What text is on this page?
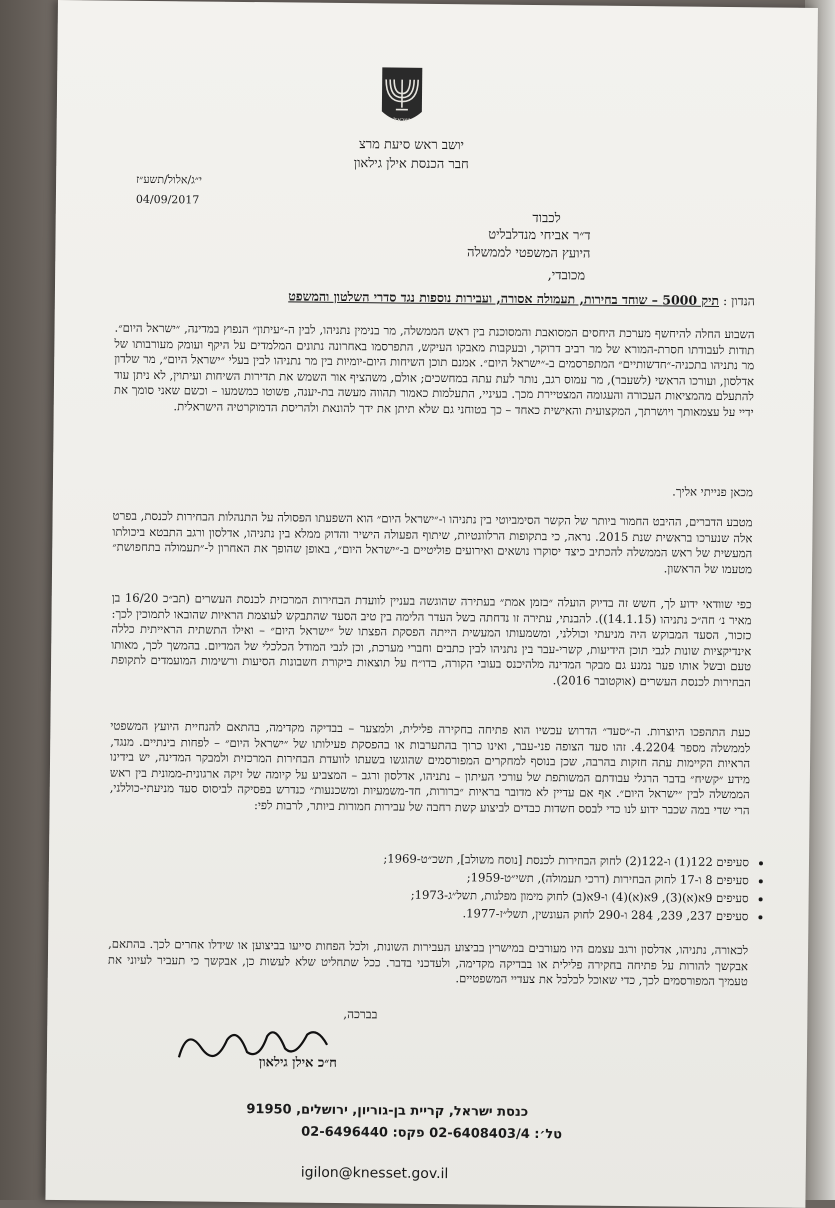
ישראל
יושב ראש סיעת מרצ
חבר הכנסת אילן גילאון
י״ג/אלול/תשע״ז
04/09/2017
לכבוד
ד״ר אביחי מנדלבליט
היועץ המשפטי לממשלה
מכובדי,
הנדון : תיק 5000 – שוחד בחירות, תעמולה אסורה, ועבירות נוספות נגד סדרי השלטון והמשפט

השבוע החלה להיחשף מערכת היחסים המסואבת והמסוכנת בין ראש הממשלה, מר בנימין נתניהו, לבין ה-״עיתון״ הנפוץ במדינה, ״ישראל היום״. תודות לעבודתו חסרת-המורא של מר רביב דרוקר, ובעקבות מאבקו העיקש, התפרסמו באחרונה נתונים המלמדים על היקף ועומק מעורבותו של מר נתניהו בתכניה-״חדשותיים״ המתפרסמים ב-״ישראל היום״. אמנם תוכן השיחות היום-יומיות בין מר נתניהו לבין בעלי ״ישראל היום״, מר שלדון אדלסון, ועורכו הראשי (לשעבר), מר עמוס רגב, נותר לעת עתה במחשכים; אולם, משהציף אור השמש את תדירות השיחות ועיתוין, לא ניתן עוד להתעלם מהמציאות העכורה והעגומה המצטיירת מכך. בעיניי, התעלמות כאמור תהווה מעשה בת-יענה, פשוטו כמשמעו – וכשם שאני סומך את ידיי על עצמאותך ויושרתך, המקצועית והאישית כאחד – כך בטוחני גם שלא תיתן את ידך להונאת ולהריסת הדמוקרטיה הישראלית.

מכאן פנייתי אליך.

מטבע הדברים, ההיבט החמור ביותר של הקשר הסימביוטי בין נתניהו ו-״ישראל היום״ הוא השפעתו הפסולה על התנהלות הבחירות לכנסת, בפרט אלה שנערכו בראשית שנת 2015. נראה, כי בתקופות הרלוונטיות, שיתוף הפעולה הישיר והדוק ממלא בין נתניהו, אדלסון ורגב התבטא ביכולתו המעשית של ראש הממשלה להכתיב כיצד יסוקרו נושאים ואירועים פוליטיים ב-״ישראל היום״, באופן שהופך את האחרון ל-״תעמולה בתחפושת״ מטעמו של הראשון.

כפי שוודאי ידוע לך, חשש זה בדיוק הועלה ״בזמן אמת״ בעתירה שהוגשה בעניין לוועדת הבחירות המרכזית לכנסת העשרים (תב״כ 16/20 בן מאיר נ׳ חה״כ נתניהו (14.1.15)). להבנתי, עתירה זו נדחתה בשל העדר הלימה בין טיב הסעד שהתבקש לעוצמת הראיות שהובאו לתמוכין לכך: כזכור, הסעד המבוקש היה מניעתי וכוללני, ומשמעותו המעשית הייתה הפסקת הפצתו של ״ישראל היום״ – ואילו התשתית הראייתית כללה אינדיקציות שונות לגבי תוכן הידיעות, קשרי-עבר בין נתניהו לבין כתבים וחברי מערכת, וכן לגבי המודל הכלכלי של המדיום. בהמשך לכך, מאותו טעם ובשל אותו פער נמנע גם מבקר המדינה מלהיכנס בעובי הקורה, בדו״ח על תוצאות ביקורת חשבונות הסיעות ורשימות המועמדים לתקופת הבחירות לכנסת העשרים (אוקטובר 2016).

כעת התהפכו היוצרות. ה-״סעד״ הדרוש עכשיו הוא פתיחה בחקירה פלילית, ולמצער – בבדיקה מקדימה, בהתאם להנחיית היועץ המשפטי לממשלה מספר 4.2204. זהו סעד הצופה פני-עבר, ואינו כרוך בהתערבות או בהפסקת פעילותו של ״ישראל היום״ – לפחות בינתיים. מנגד, הראיות הקיימות עתה חזקות בהרבה, שכן בנוסף למחקרים המפורסמים שהוגשו בשעתו לוועדת הבחירות המרכזית ולמבקר המדינה, יש בידינו מידע ״קשיח״ בדבר הרגלי עבודתם המשותפת של עורכי העיתון – נתניהו, אדלסון ורגב – המצביע על קיומה של זיקה ארגונית-ממונית בין ראש הממשלה לבין ״ישראל היום״. אף אם עדיין לא מדובר בראיות ״ברורות, חד-משמעיות ומשכנעות״ כנדרש בפסיקה לביסוס סעד מניעתי-כוללני, הרי שדי במה שכבר ידוע לנו כדי לבסס חשדות כבדים לביצוע קשת רחבה של עבירות חמורות ביותר, לרבות לפי:

• סעיפים 122(1) ו-122(2) לחוק הבחירות לכנסת [נוסח משולב], תשכ״ט-1969;
• סעיפים 8 ו-17 לחוק הבחירות (דרכי תעמולה), תשי״ט-1959;
• סעיפים 9א(א)(3), 9א(א)(4) ו-9א(ב) לחוק מימון מפלגות, תשל״ג-1973;
• סעיפים 237, 239, 284 ו-290 לחוק העונשין, תשל״ז-1977.

לכאורה, נתניהו, אדלסון ורגב עצמם היו מעורבים במישרין בביצוע העבירות השונות, ולכל הפחות סייעו בביצוען או שידלו אחרים לכך. בהתאם, אבקשך להורות על פתיחה בחקירה פלילית או בבדיקה מקדימה, ולעדכני בדבר. ככל שתחליט שלא לעשות כן, אבקשך כי תעביר לעיוני את טעמיך המפורסמים לכך, כדי שאוכל לכלכל את צעדיי המשפטיים.

בברכה,
ח״כ אילן גילאון
כנסת ישראל, קריית בן-גוריון, ירושלים, 91950
טל׳: 02-6408403/4 פקס: 02-6496440
igilon@knesset.gov.il
